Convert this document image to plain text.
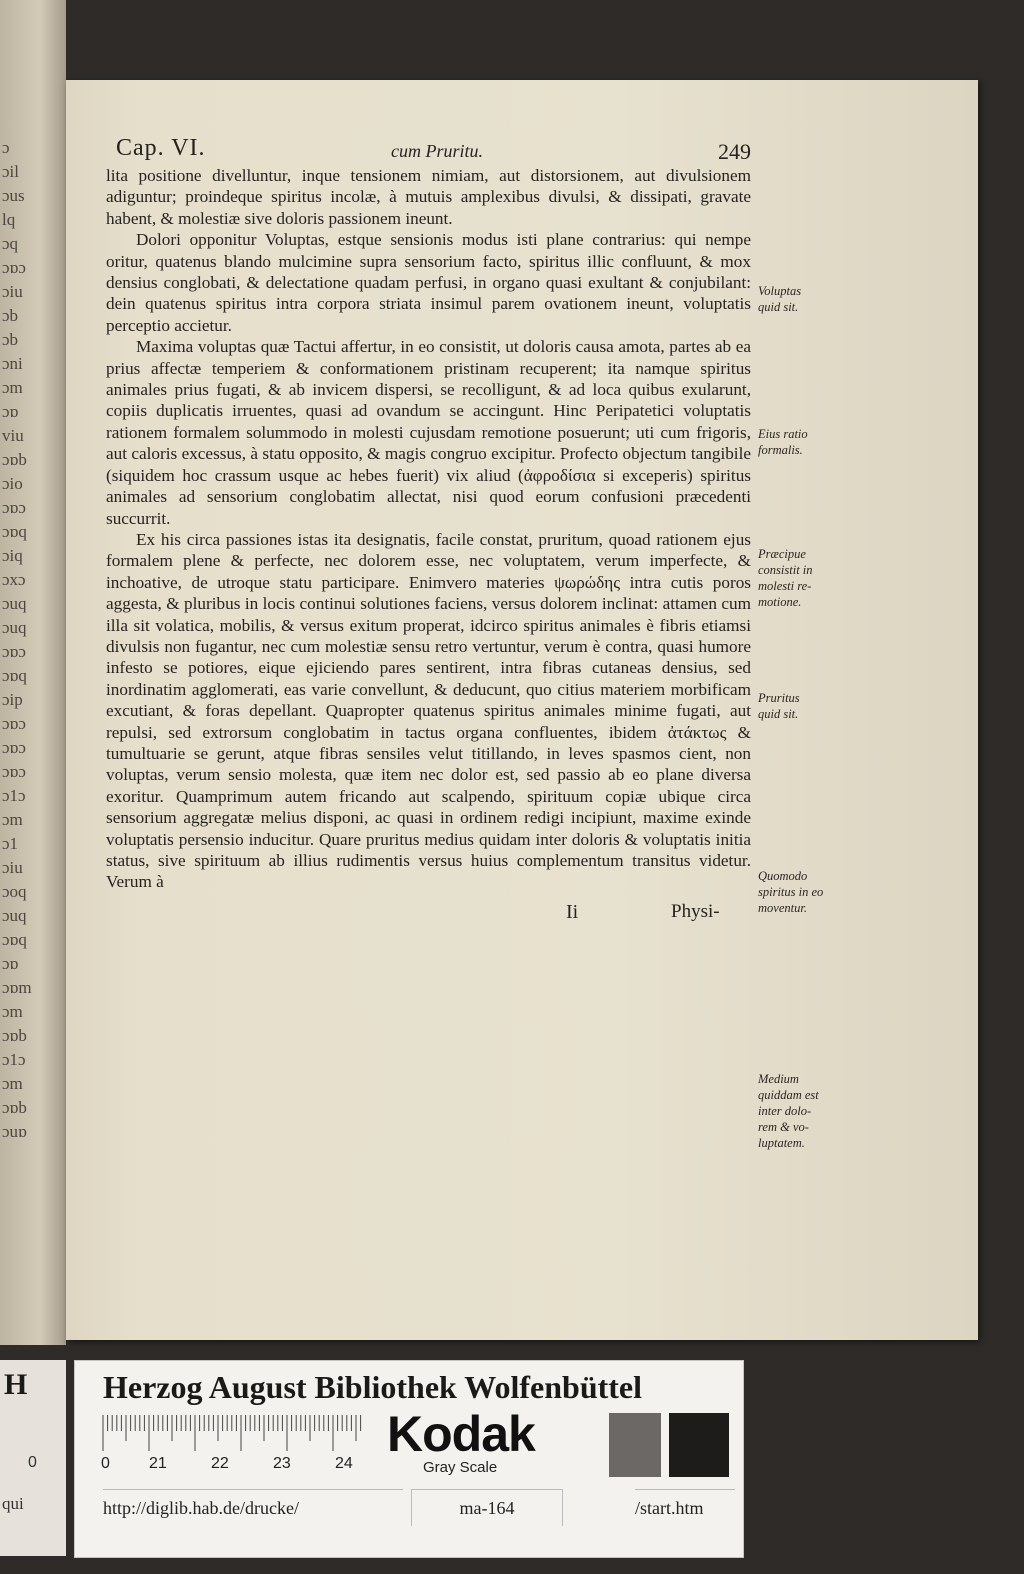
ɔ
ɔil
ɔus
lq
ɔq
ɔɒɔ
ɔiu
ɔb
ɔb
ɔni
ɔm
ɔɒ
viu
ɔɒb
ɔio
ɔɒɔ
ɔɒq
ɔiq
ɔxɔ
ɔuq
ɔuq
ɔɒɔ
ɔɒq
ɔip
ɔɒɔ
ɔɒɔ
ɔɒɔ
ɔ1ɔ
ɔm
ɔ1
ɔiu
ɔoq
ɔuq
ɔɒq
ɔɒ
ɔɒm
ɔm
ɔɒb
ɔ1ɔ
ɔm
ɔɒb
ɔuɒ
Cap. VI.	cum Pruritu.	249

lita positione divelluntur, inque tensionem nimiam, aut distorsionem, aut divulsionem adiguntur; proindeque spiritus incolæ, à mutuis amplexibus divulsi, & dissipati, gravate habent, & molestiæ sive doloris passionem ineunt.

Dolori opponitur Voluptas, estque sensionis modus isti plane contrarius: qui nempe oritur, quatenus blando mulcimine supra sensorium facto, spiritus illic confluunt, & mox densius conglobati, & delectatione quadam perfusi, in organo quasi exultant & conjubilant: dein quatenus spiritus intra corpora striata insimul parem ovationem ineunt, voluptatis perceptio accietur.

Maxima voluptas quæ Tactui affertur, in eo consistit, ut doloris causa amota, partes ab ea prius affectæ temperiem & conformationem pristinam recuperent; ita namque spiritus animales prius fugati, & ab invicem dispersi, se recolligunt, & ad loca quibus exularunt, copiis duplicatis irruentes, quasi ad ovandum se accingunt. Hinc Peripatetici voluptatis rationem formalem solummodo in molesti cujusdam remotione posuerunt; uti cum frigoris, aut caloris excessus, à statu opposito, & magis congruo excipitur. Profecto objectum tangibile (siquidem hoc crassum usque ac hebes fuerit) vix aliud (ἀφροδίσια si exceperis) spiritus animales ad sensorium conglobatim allectat, nisi quod eorum confusioni præcedenti succurrit.

Ex his circa passiones istas ita designatis, facile constat, pruritum, quoad rationem ejus formalem plene & perfecte, nec dolorem esse, nec voluptatem, verum imperfecte, & inchoative, de utroque statu participare. Enimvero materies ψωρώδης intra cutis poros aggesta, & pluribus in locis continui solutiones faciens, versus dolorem inclinat: attamen cum illa sit volatica, mobilis, & versus exitum properat, idcirco spiritus animales è fibris etiamsi divulsis non fugantur, nec cum molestiæ sensu retro vertuntur, verum è contra, quasi humore infesto se potiores, eique ejiciendo pares sentirent, intra fibras cutaneas densius, sed inordinatim agglomerati, eas varie convellunt, & deducunt, quo citius materiem morbificam excutiant, & foras depellant. Quapropter quatenus spiritus animales minime fugati, aut repulsi, sed extrorsum conglobatim in tactus organa confluentes, ibidem ἀτάκτως & tumultuarie se gerunt, atque fibras sensiles velut titillando, in leves spasmos cient, non voluptas, verum sensio molesta, quæ item nec dolor est, sed passio ab eo plane diversa exoritur. Quamprimum autem fricando aut scalpendo, spirituum copiæ ubique circa sensorium aggregatæ melius disponi, ac quasi in ordinem redigi incipiunt, maxime exinde voluptatis persensio inducitur. Quare pruritus medius quidam inter doloris & voluptatis initia status, sive spirituum ab illius rudimentis versus huius complementum transitus videtur. Verum à

Ii	Physi-
Voluptas
quid sit.
Eius ratio
formalis.
Præcipue
consistit in
molesti re-
motione.
Pruritus
quid sit.
Quomodo
spiritus in eo
moventur.
Medium
quiddam est
inter dolo-
rem & vo-
luptatem.
H
0
qui
Herzog August Bibliothek Wolfenbüttel
0 21	22	23	24
Kodak
Gray Scale
http://diglib.hab.de/drucke/	ma-164	/start.htm
